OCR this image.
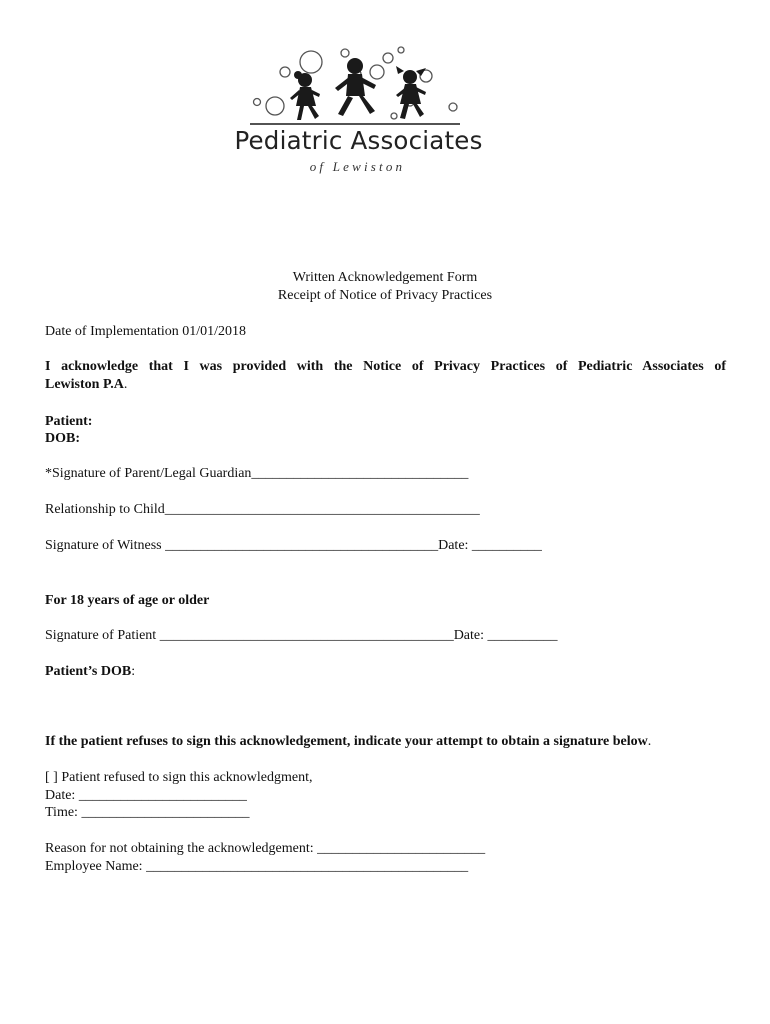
Pediatric Associates
of Lewiston
Written Acknowledgement Form
Receipt of Notice of Privacy Practices
Date of Implementation 01/01/2018
I acknowledge that I was provided with the Notice of Privacy Practices of Pediatric Associates of
Lewiston P.A.
Patient:
DOB:
*Signature of Parent/Legal Guardian_______________________________
Relationship to Child_____________________________________________
Signature of Witness _______________________________________Date: __________
For 18 years of age or older
Signature of Patient __________________________________________Date: __________
Patient’s DOB:
If the patient refuses to sign this acknowledgement, indicate your attempt to obtain a signature below.
[ ] Patient refused to sign this acknowledgment,
Date: ________________________
Time: ________________________
Reason for not obtaining the acknowledgement: ________________________
Employee Name: ______________________________________________
